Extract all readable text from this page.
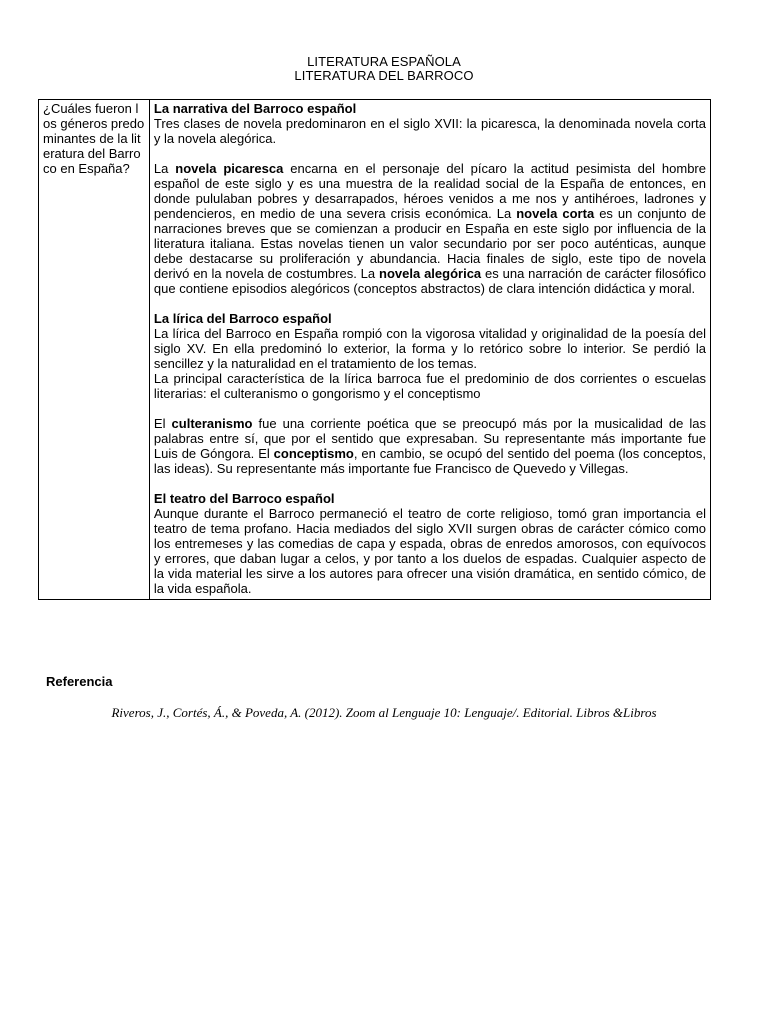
LITERATURA ESPAÑOLA
LITERATURA DEL BARROCO
¿Cuáles fueron los géneros predominantes de la literatura del Barroco en España?

La narrativa del Barroco español

Tres clases de novela predominaron en el siglo XVII: la picaresca, la denominada novela corta y la novela alegórica.

La novela picaresca encarna en el personaje del pícaro la actitud pesimista del hombre español de este siglo y es una muestra de la realidad social de la España de entonces, en donde pululaban pobres y desarrapados, héroes venidos a me nos y antihéroes, ladrones y pendencieros, en medio de una severa crisis económica. La novela corta es un conjunto de narraciones breves que se comienzan a producir en España en este siglo por influencia de la literatura italiana. Estas novelas tienen un valor secundario por ser poco auténticas, aunque debe destacarse su proliferación y abundancia. Hacia finales de siglo, este tipo de novela derivó en la novela de costumbres. La novela alegórica es una narración de carácter filosófico que contiene episodios alegóricos (conceptos abstractos) de clara intención didáctica y moral.

La lírica del Barroco español

La lírica del Barroco en España rompió con la vigorosa vitalidad y originalidad de la poesía del siglo XV. En ella predominó lo exterior, la forma y lo retórico sobre lo interior. Se perdió la sencillez y la naturalidad en el tratamiento de los temas.

La principal característica de la lírica barroca fue el predominio de dos corrientes o escuelas literarias: el culteranismo o gongorismo y el conceptismo

El culteranismo fue una corriente poética que se preocupó más por la musicalidad de las palabras entre sí, que por el sentido que expresaban. Su representante más importante fue Luis de Góngora. El conceptismo, en cambio, se ocupó del sentido del poema (los conceptos, las ideas). Su representante más importante fue Francisco de Quevedo y Villegas.

El teatro del Barroco español

Aunque durante el Barroco permaneció el teatro de corte religioso, tomó gran importancia el teatro de tema profano. Hacia mediados del siglo XVII surgen obras de carácter cómico como los entremeses y las comedias de capa y espada, obras de enredos amorosos, con equívocos y errores, que daban lugar a celos, y por tanto a los duelos de espadas. Cualquier aspecto de la vida material les sirve a los autores para ofrecer una visión dramática, en sentido cómico, de la vida española.

Referencia
Riveros, J., Cortés, Á., & Poveda, A. (2012). Zoom al Lenguaje 10: Lenguaje/. Editorial. Libros &Libros
